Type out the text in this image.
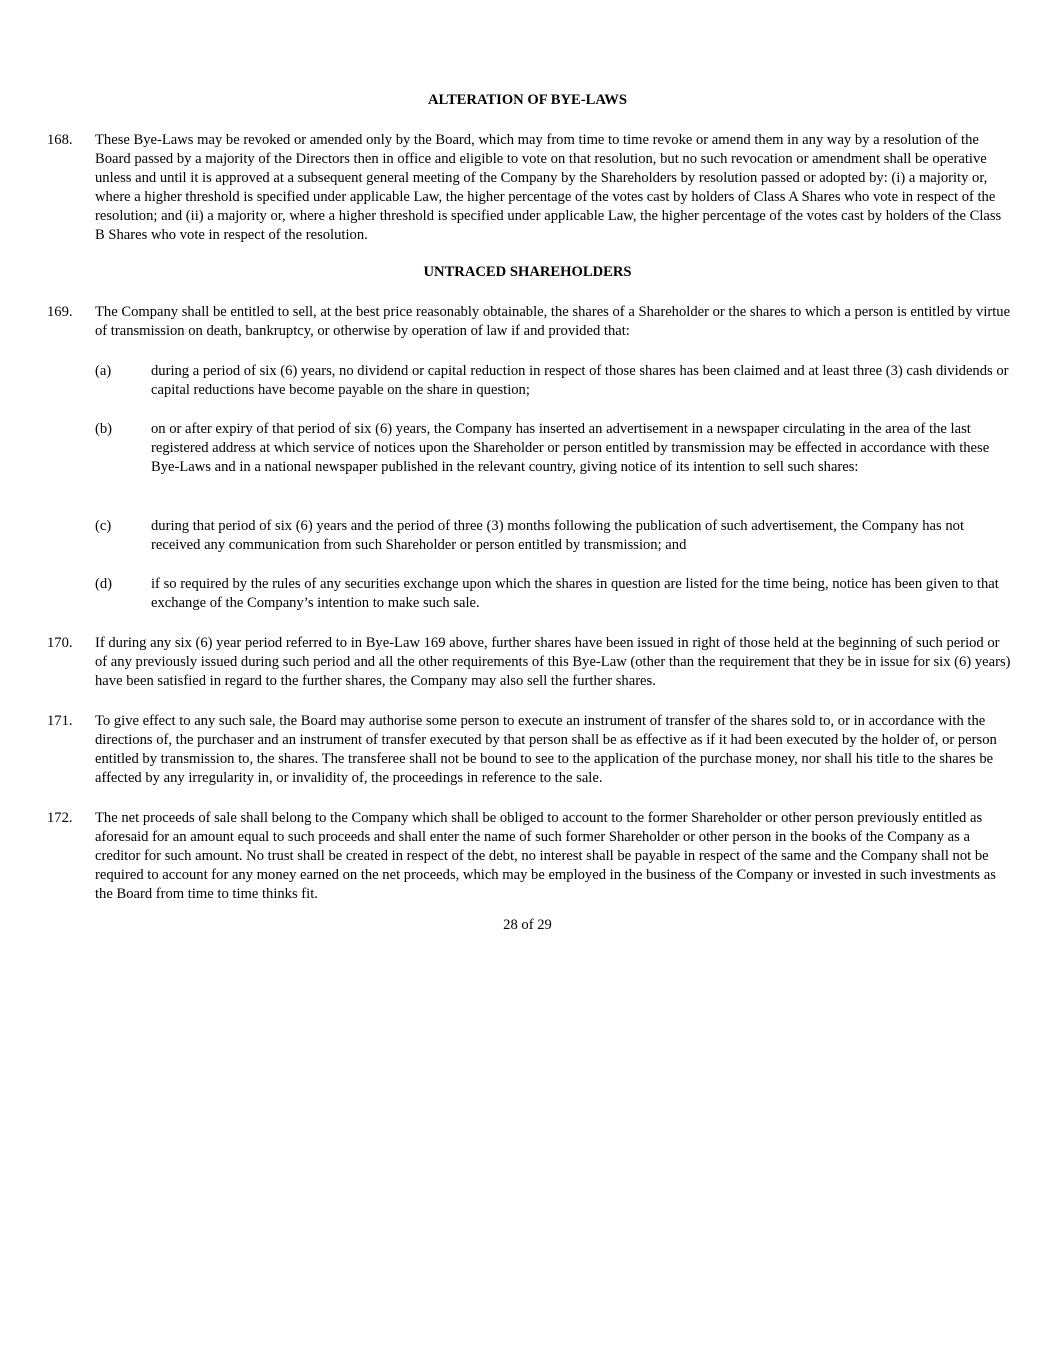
ALTERATION OF BYE-LAWS
168. These Bye-Laws may be revoked or amended only by the Board, which may from time to time revoke or amend them in any way by a resolution of the Board passed by a majority of the Directors then in office and eligible to vote on that resolution, but no such revocation or amendment shall be operative unless and until it is approved at a subsequent general meeting of the Company by the Shareholders by resolution passed or adopted by: (i) a majority or, where a higher threshold is specified under applicable Law, the higher percentage of the votes cast by holders of Class A Shares who vote in respect of the resolution; and (ii) a majority or, where a higher threshold is specified under applicable Law, the higher percentage of the votes cast by holders of the Class B Shares who vote in respect of the resolution.
UNTRACED SHAREHOLDERS
169. The Company shall be entitled to sell, at the best price reasonably obtainable, the shares of a Shareholder or the shares to which a person is entitled by virtue of transmission on death, bankruptcy, or otherwise by operation of law if and provided that:
(a)	during a period of six (6) years, no dividend or capital reduction in respect of those shares has been claimed and at least three (3) cash dividends or capital reductions have become payable on the share in question;
(b)	on or after expiry of that period of six (6) years, the Company has inserted an advertisement in a newspaper circulating in the area of the last registered address at which service of notices upon the Shareholder or person entitled by transmission may be effected in accordance with these Bye-Laws and in a national newspaper published in the relevant country, giving notice of its intention to sell such shares:
(c)	during that period of six (6) years and the period of three (3) months following the publication of such advertisement, the Company has not received any communication from such Shareholder or person entitled by transmission; and
(d)	if so required by the rules of any securities exchange upon which the shares in question are listed for the time being, notice has been given to that exchange of the Company’s intention to make such sale.
170. If during any six (6) year period referred to in Bye-Law 169 above, further shares have been issued in right of those held at the beginning of such period or of any previously issued during such period and all the other requirements of this Bye-Law (other than the requirement that they be in issue for six (6) years) have been satisfied in regard to the further shares, the Company may also sell the further shares.
171. To give effect to any such sale, the Board may authorise some person to execute an instrument of transfer of the shares sold to, or in accordance with the directions of, the purchaser and an instrument of transfer executed by that person shall be as effective as if it had been executed by the holder of, or person entitled by transmission to, the shares. The transferee shall not be bound to see to the application of the purchase money, nor shall his title to the shares be affected by any irregularity in, or invalidity of, the proceedings in reference to the sale.
172. The net proceeds of sale shall belong to the Company which shall be obliged to account to the former Shareholder or other person previously entitled as aforesaid for an amount equal to such proceeds and shall enter the name of such former Shareholder or other person in the books of the Company as a creditor for such amount. No trust shall be created in respect of the debt, no interest shall be payable in respect of the same and the Company shall not be required to account for any money earned on the net proceeds, which may be employed in the business of the Company or invested in such investments as the Board from time to time thinks fit.
28 of 29
